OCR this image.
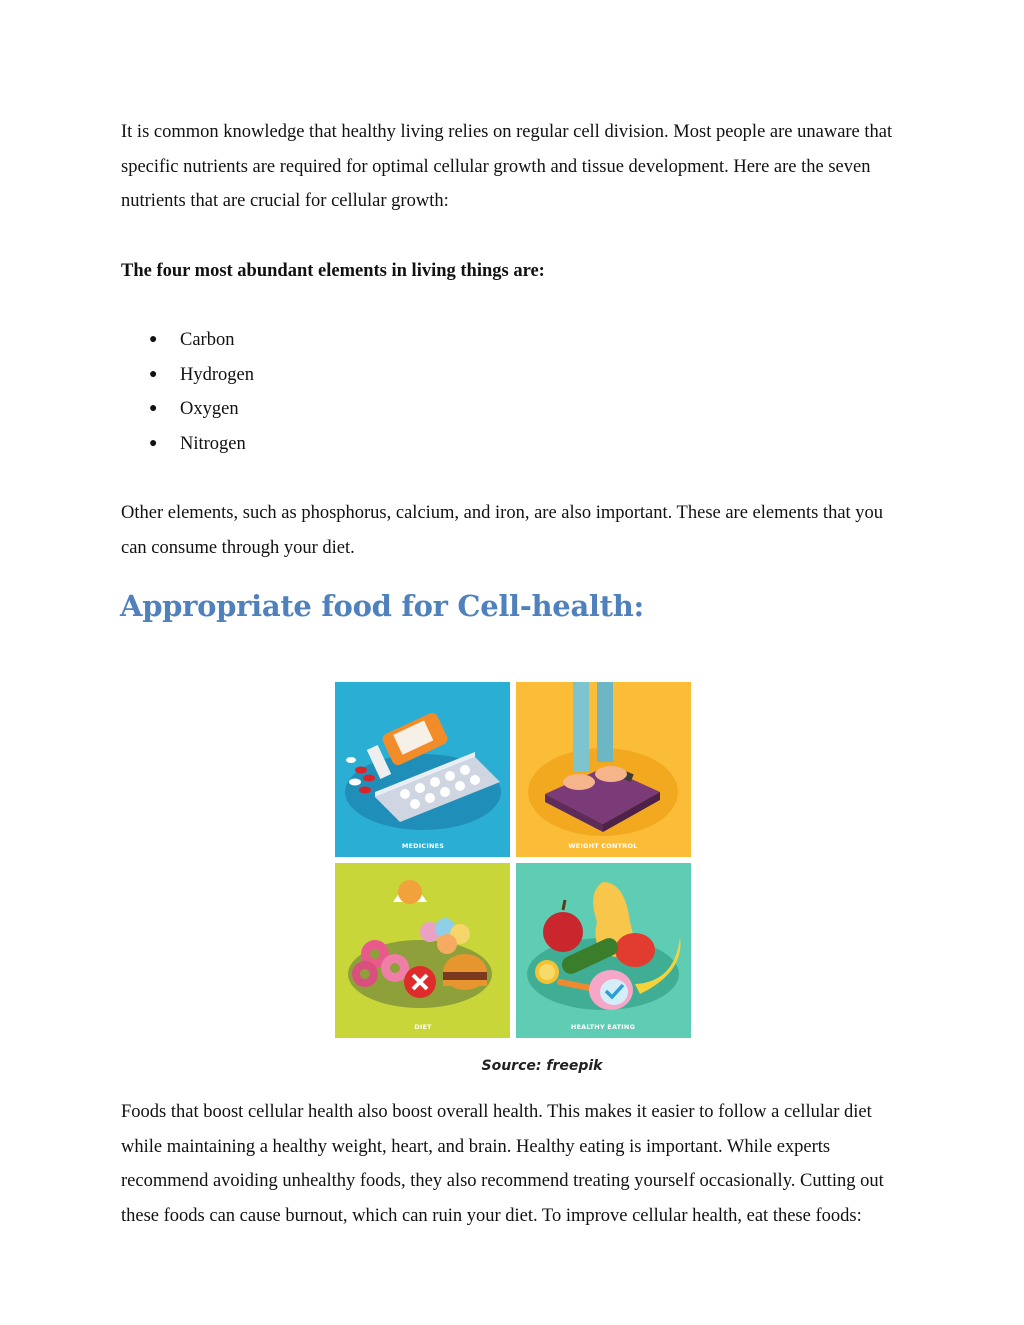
It is common knowledge that healthy living relies on regular cell division. Most people are unaware that specific nutrients are required for optimal cellular growth and tissue development. Here are the seven nutrients that are crucial for cellular growth:

The four most abundant elements in living things are:

● Carbon
● Hydrogen
● Oxygen
● Nitrogen

Other elements, such as phosphorus, calcium, and iron, are also important. These are elements that you can consume through your diet.

Appropriate food for Cell-health:
MEDICINES	WEIGHT CONTROL
DIET	HEALTHY EATING
Source: freepik

Foods that boost cellular health also boost overall health. This makes it easier to follow a cellular diet while maintaining a healthy weight, heart, and brain. Healthy eating is important. While experts recommend avoiding unhealthy foods, they also recommend treating yourself occasionally. Cutting out these foods can cause burnout, which can ruin your diet. To improve cellular health, eat these foods:
